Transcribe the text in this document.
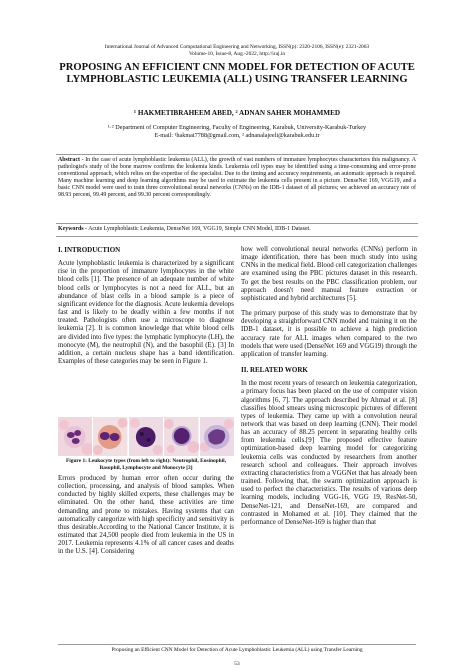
International Journal of Advanced Computational Engineering and Networking, ISSN(p): 2320-2106, ISSN(e): 2321-2063
Volume-10, Issue-8, Aug.-2022, http://iraj.in
PROPOSING AN EFFICIENT CNN MODEL FOR DETECTION OF ACUTE LYMPHOBLASTIC LEUKEMIA (ALL) USING TRANSFER LEARNING
¹ HAKMETIBRAHEEM ABED, ² ADNAN SAHER MOHAMMED
¹·² Department of Computer Engineering, Faculty of Engineering, Karabuk, University-Karabuk-Turkey
E-mail: ¹hakmat7788@gmail.com, ² adnanalajeeli@karabuk.edu.tr
Abstract - In the case of acute lymphoblastic leukemia (ALL), the growth of vast numbers of immature lymphocytes characterizes this malignancy. A pathologist's study of the bone marrow confirms the leukemia kinds. Leukemia cell types may be identified using a time-consuming and error-prone conventional approach, which relies on the expertise of the specialist. Due to the timing and accuracy requirements, an automatic approach is required. Many machine learning and deep learning algorithms may be used to estimate the leukemia cells present in a picture. DenseNet 169, VGG19, and a basic CNN model were used to train three convolutional neural networks (CNNs) on the IDB-1 dataset of all pictures; we achieved an accuracy rate of 98.93 percent, 99.49 percent, and 99.30 percent correspondingly.
Keywords - Acute Lymphoblastic Leukemia, DenseNet 169, VGG19, Simple CNN Model, IDB-1 Dataset.
I. INTRODUCTION

Acute lymphoblastic leukemia is characterized by a significant rise in the proportion of immature lymphocytes in the white blood cells [1]. The presence of an adequate number of white blood cells or lymphocytes is not a need for ALL, but an abundance of blast cells in a blood sample is a piece of significant evidence for the diagnosis. Acute leukemia develops fast and is likely to be deadly within a few months if not treated. Pathologists often use a microscope to diagnose leukemia [2]. It is common knowledge that white blood cells are divided into five types: the lymphatic lymphocyte (LH), the monocyte (M), the neutrophil (N), and the basophil (E). [3] In addition, a certain nucleus shape has a band identification. Examples of these categories may be seen in Figure 1.

Figure 1: Leukocyte types (from left to right): Neutrophil, Eosinophil, Basophil, Lymphocyte and Monocyte [3]

Errors produced by human error often occur during the collection, processing, and analysis of blood samples. When conducted by highly skilled experts, these challenges may be eliminated. On the other hand, these activities are time demanding and prone to mistakes. Having systems that can automatically categorize with high specificity and sensitivity is thus desirable.According to the National Cancer Institute, it is estimated that 24,500 people died from leukemia in the US in 2017. Leukemia represents 4.1% of all cancer cases and deaths in the U.S. [4]. Considering

how well convolutional neural networks (CNNs) perform in image identification, there has been much study into using CNNs in the medical field. Blood cell categorization challenges are examined using the PBC pictures dataset in this research. To get the best results on the PBC classification problem, our approach doesn't need manual feature extraction or sophisticated and hybrid architectures [5].

The primary purpose of this study was to demonstrate that by developing a straightforward CNN model and training it on the IDB-1 dataset, it is possible to achieve a high prediction accuracy rate for ALL images when compared to the two models that were used (DenseNet 169 and VGG19) through the application of transfer learning.

II. RELATED WORK

In the most recent years of research on leukemia categorization, a primary focus has been placed on the use of computer vision algorithms [6, 7]. The approach described by Ahmad et al. [8] classifies blood smears using microscopic pictures of different types of leukemia. They came up with a convolution neural network that was based on deep learning (CNN). Their model has an accuracy of 88.25 percent in separating healthy cells from leukemia cells.[9] The proposed effective feature optimization-based deep learning model for categorizing leukemia cells was conducted by researchers from another research school and colleagues. Their approach involves extracting characteristics from a VGGNet that has already been trained. Following that, the swarm optimization approach is used to perfect the characteristics. The results of various deep learning models, including VGG-16, VGG 19, ResNet-50, DenseNet-121, and DenseNet-169, are compared and contrasted in Mohamed et al. [10]. They claimed that the performance of DenseNet-169 is higher than that

Proposing an Efficient CNN Model for Detection of Acute Lymphoblastic Leukemia (ALL) using Transfer Learning
53
